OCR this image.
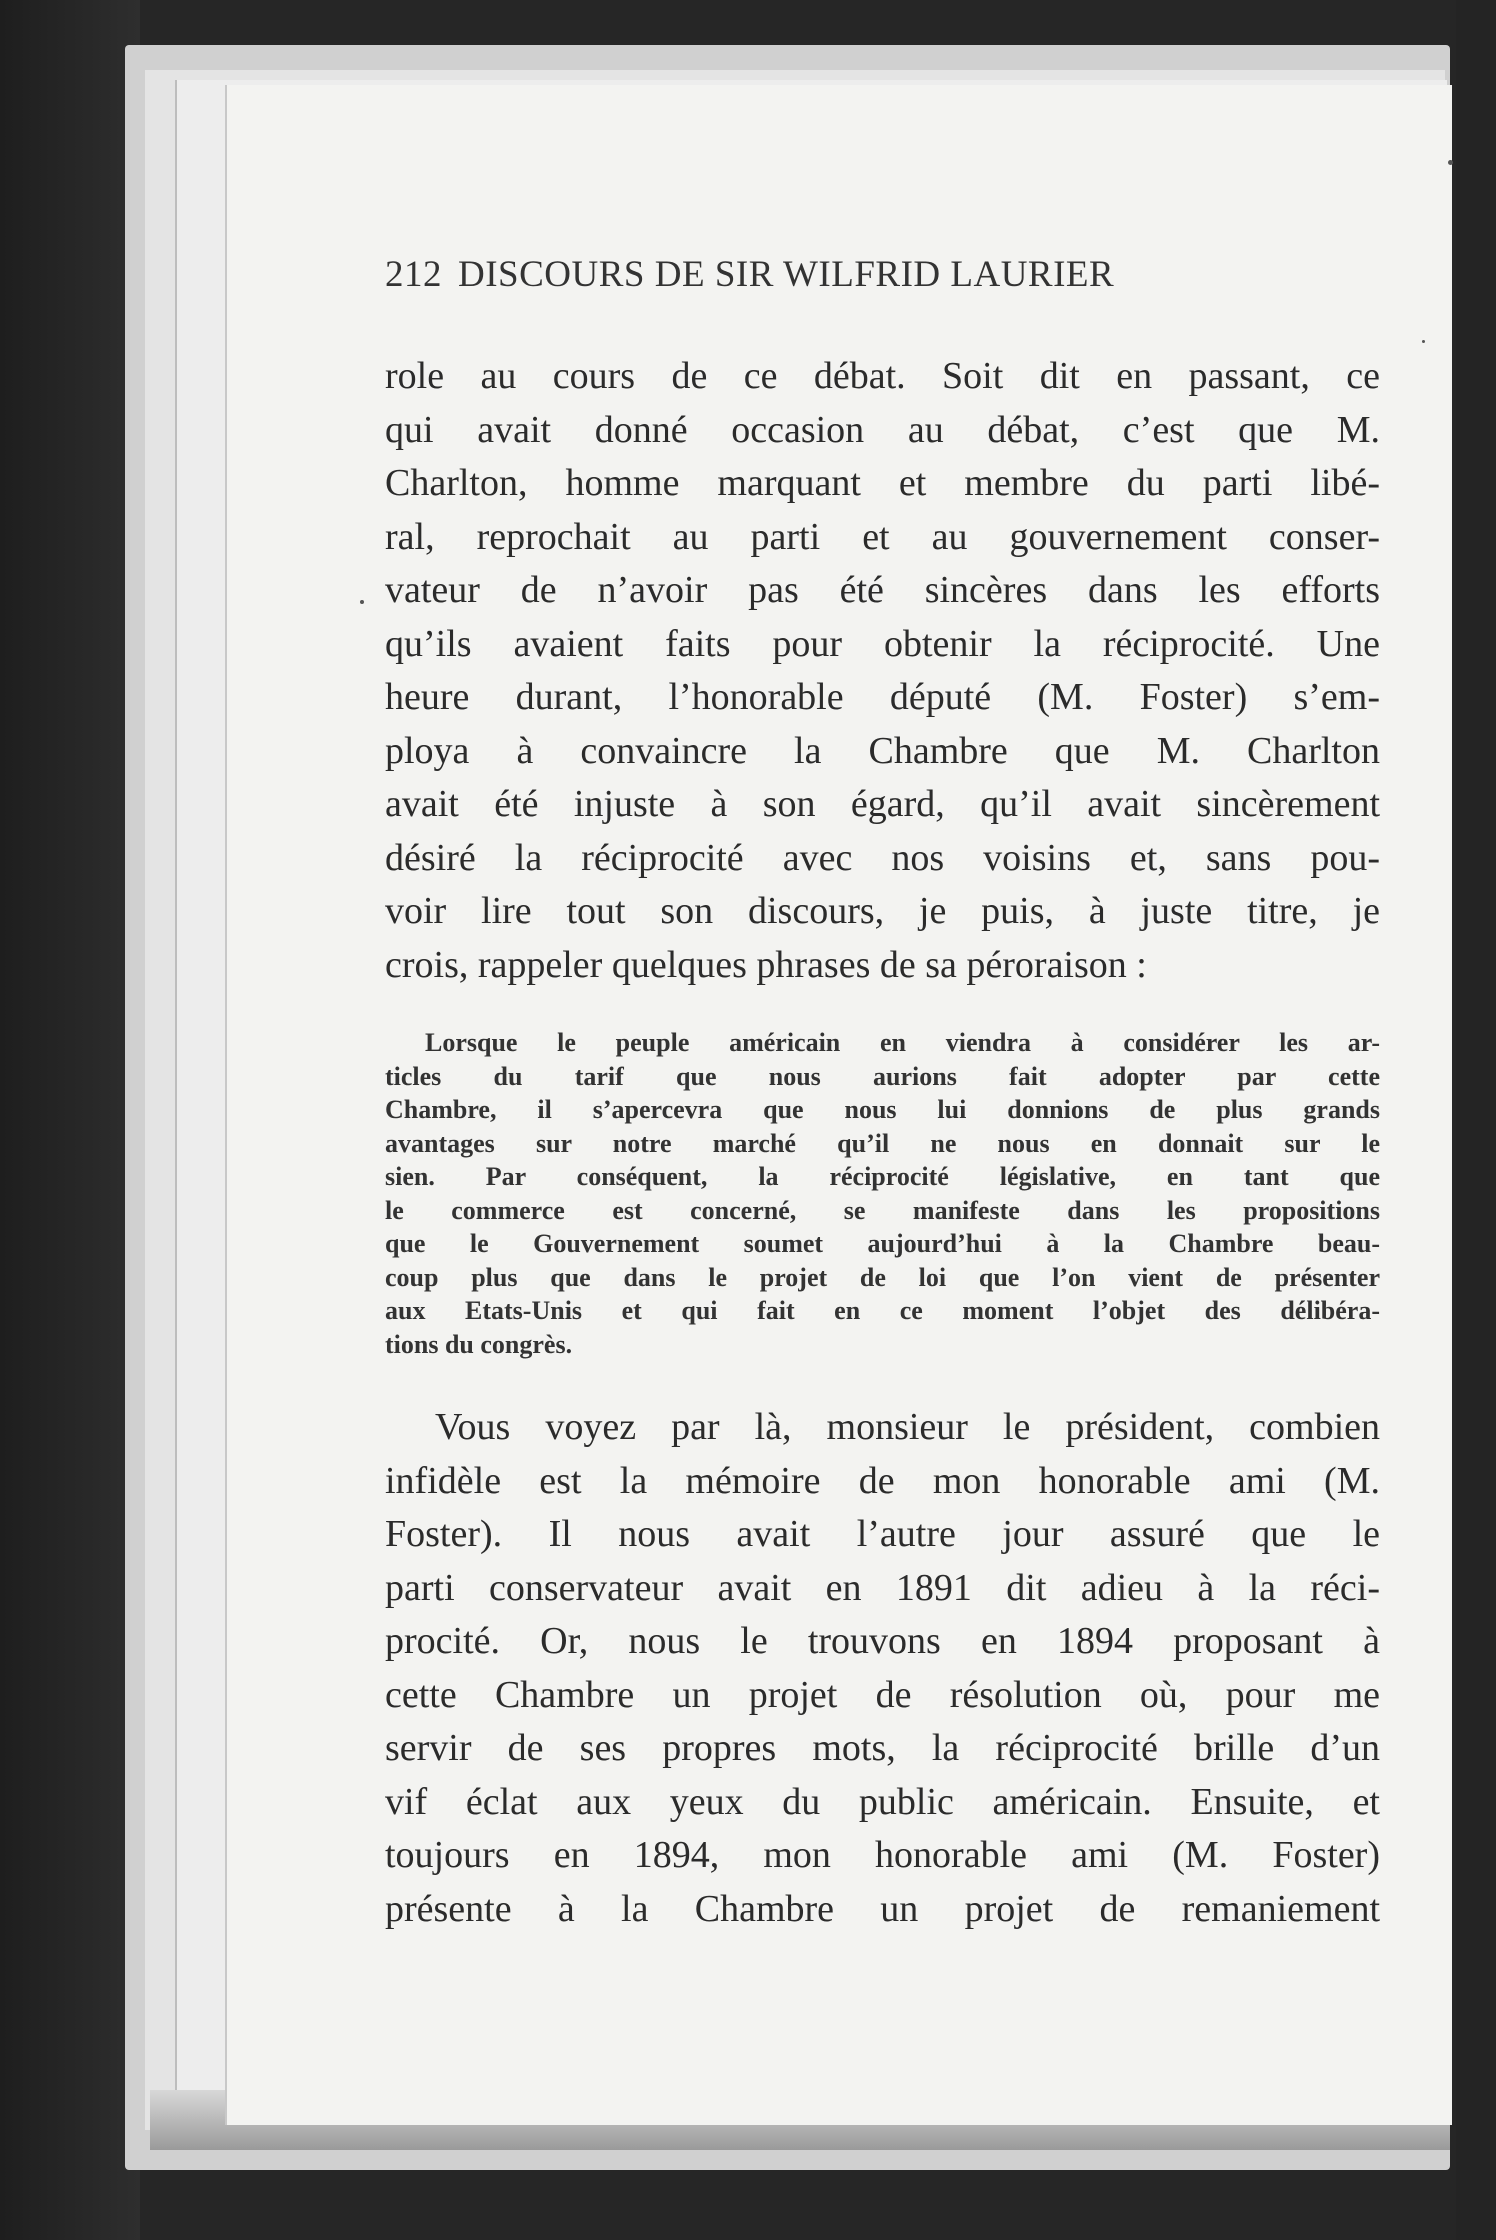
212 DISCOURS DE SIR WILFRID LAURIER
role au cours de ce débat. Soit dit en passant, ce
qui avait donné occasion au débat, c’est que M.
Charlton, homme marquant et membre du parti libé-
ral, reprochait au parti et au gouvernement conser-
vateur de n’avoir pas été sincères dans les efforts
qu’ils avaient faits pour obtenir la réciprocité. Une
heure durant, l’honorable député (M. Foster) s’em-
ploya à convaincre la Chambre que M. Charlton
avait été injuste à son égard, qu’il avait sincèrement
désiré la réciprocité avec nos voisins et, sans pou-
voir lire tout son discours, je puis, à juste titre, je
crois, rappeler quelques phrases de sa péroraison :
Lorsque le peuple américain en viendra à considérer les ar-
ticles du tarif que nous aurions fait adopter par cette
Chambre, il s’apercevra que nous lui donnions de plus grands
avantages sur notre marché qu’il ne nous en donnait sur le
sien. Par conséquent, la réciprocité législative, en tant que
le commerce est concerné, se manifeste dans les propositions
que le Gouvernement soumet aujourd’hui à la Chambre beau-
coup plus que dans le projet de loi que l’on vient de présenter
aux Etats-Unis et qui fait en ce moment l’objet des délibéra-
tions du congrès.
Vous voyez par là, monsieur le président, combien
infidèle est la mémoire de mon honorable ami (M.
Foster). Il nous avait l’autre jour assuré que le
parti conservateur avait en 1891 dit adieu à la réci-
procité. Or, nous le trouvons en 1894 proposant à
cette Chambre un projet de résolution où, pour me
servir de ses propres mots, la réciprocité brille d’un
vif éclat aux yeux du public américain. Ensuite, et
toujours en 1894, mon honorable ami (M. Foster)
présente à la Chambre un projet de remaniement
